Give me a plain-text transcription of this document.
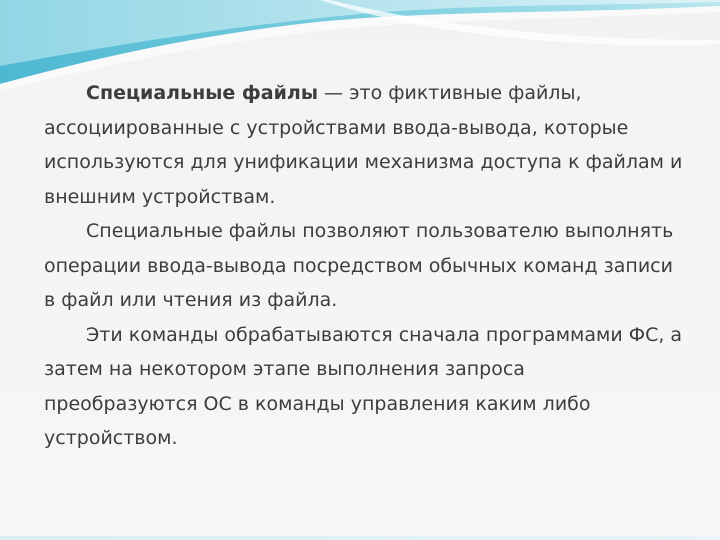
Специальные файлы — это фиктивные файлы, ассоциированные с устройствами ввода-вывода, которые используются для унификации механизма доступа к файлам и внешним устройствам.

Специальные файлы позволяют пользователю выполнять операции ввода-вывода посредством обычных команд записи в файл или чтения из файла.

Эти команды обрабатываются сначала программами ФС, а затем на некотором этапе выполнения запроса преобразуются ОС в команды управления каким либо устройством.
